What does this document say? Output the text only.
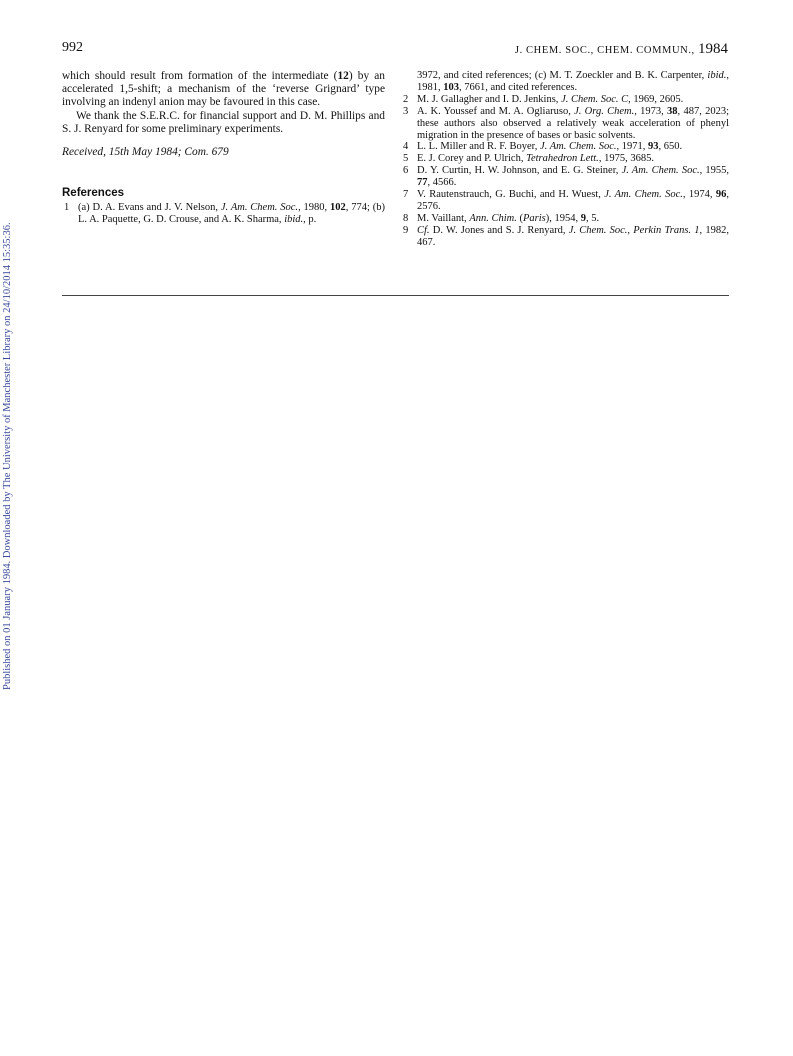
992	J. CHEM. SOC., CHEM. COMMUN., 1984
Published on 01 January 1984. Downloaded by The University of Manchester Library on 24/10/2014 15:35:36.

which should result from formation of the intermediate (12) by an accelerated 1,5-shift; a mechanism of the ‘reverse Grignard’ type involving an indenyl anion may be favoured in this case.

We thank the S.E.R.C. for financial support and D. M. Phillips and S. J. Renyard for some preliminary experiments.

Received, 15th May 1984; Com. 679

References
1 (a) D. A. Evans and J. V. Nelson, J. Am. Chem. Soc., 1980, 102, 774; (b) L. A. Paquette, G. D. Crouse, and A. K. Sharma, ibid., p.
3972, and cited references; (c) M. T. Zoeckler and B. K. Carpenter, ibid., 1981, 103, 7661, and cited references.
2 M. J. Gallagher and I. D. Jenkins, J. Chem. Soc. C, 1969, 2605.
3 A. K. Youssef and M. A. Ogliaruso, J. Org. Chem., 1973, 38, 487, 2023; these authors also observed a relatively weak acceleration of phenyl migration in the presence of bases or basic solvents.
4 L. L. Miller and R. F. Boyer, J. Am. Chem. Soc., 1971, 93, 650.
5 E. J. Corey and P. Ulrich, Tetrahedron Lett., 1975, 3685.
6 D. Y. Curtin, H. W. Johnson, and E. G. Steiner, J. Am. Chem. Soc., 1955, 77, 4566.
7 V. Rautenstrauch, G. Buchi, and H. Wuest, J. Am. Chem. Soc., 1974, 96, 2576.
8 M. Vaillant, Ann. Chim. (Paris), 1954, 9, 5.
9 Cf. D. W. Jones and S. J. Renyard, J. Chem. Soc., Perkin Trans. 1, 1982, 467.
